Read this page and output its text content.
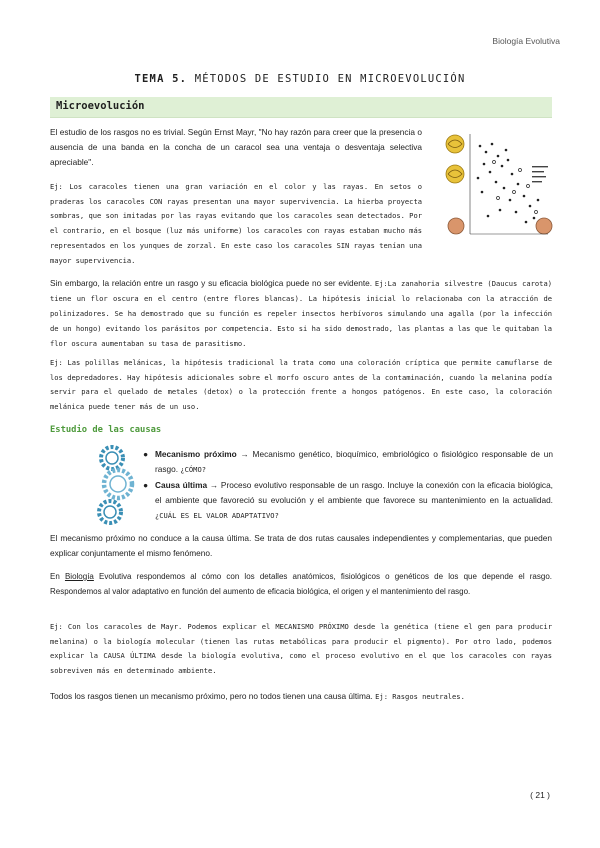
Biología Evolutiva
TEMA 5. MÉTODOS DE ESTUDIO EN MICROEVOLUCIÓN
Microevolución
El estudio de los rasgos no es trivial. Según Ernst Mayr, "No hay razón para creer que la presencia o ausencia de una banda en la concha de un caracol sea una ventaja o desventaja selectiva apreciable".
Ej: Los caracoles tienen una gran variación en el color y las rayas. En setos o praderas los caracoles CON rayas presentan una mayor supervivencia. La hierba proyecta sombras, que son imitadas por las rayas evitando que los caracoles sean detectados. Por el contrario, en el bosque (luz más uniforme) los caracoles con rayas estaban mucho más representados en los yunques de zorzal. En este caso los caracoles SIN rayas tenían una mayor supervivencia.
Sin embargo, la relación entre un rasgo y su eficacia biológica puede no ser evidente. Ej:La zanahoria silvestre (Daucus carota) tiene un flor oscura en el centro (entre flores blancas). La hipótesis inicial lo relacionaba con la atracción de polinizadores. Se ha demostrado que su función es repeler insectos herbívoros simulando una agalla (por la infección de un hongo) evitando los parásitos por competencia. Esto si ha sido demostrado, las plantas a las que le quitaban la flor oscura aumentaban su tasa de parasitismo.
Ej: Las polillas melánicas, la hipótesis tradicional la trata como una coloración críptica que permite camuflarse de los depredadores. Hay hipótesis adicionales sobre el morfo oscuro antes de la contaminación, cuando la melanina podía servir para el quelado de metales (detox) o la protección frente a hongos patógenos. En este caso, la coloración melánica puede tener más de un uso.
Estudio de las causas
● Mecanismo próximo → Mecanismo genético, bioquímico, embriológico o fisiológico responsable de un rasgo. ¿CÓMO?
● Causa última → Proceso evolutivo responsable de un rasgo. Incluye la conexión con la eficacia biológica, el ambiente que favoreció su evolución y el ambiente que favorece su mantenimiento en la actualidad. ¿CUÁL ES EL VALOR ADAPTATIVO?
El mecanismo próximo no conduce a la causa última. Se trata de dos rutas causales independientes y complementarias, que pueden explicar conjuntamente el mismo fenómeno.
En Biología Evolutiva respondemos al cómo con los detalles anatómicos, fisiológicos o genéticos de los que depende el rasgo. Respondemos al valor adaptativo en función del aumento de eficacia biológica, el origen y el mantenimiento del rasgo.
Ej: Con los caracoles de Mayr. Podemos explicar el MECANISMO PRÓXIMO desde la genética (tiene el gen para producir melanina) o la biología molecular (tienen las rutas metabólicas para producir el pigmento). Por otro lado, podemos explicar la CAUSA ÚLTIMA desde la biología evolutiva, como el proceso evolutivo en el que los caracoles con rayas sobreviven más en determinado ambiente.
Todos los rasgos tienen un mecanismo próximo, pero no todos tienen una causa última. Ej: Rasgos neutrales.
( 21 )
